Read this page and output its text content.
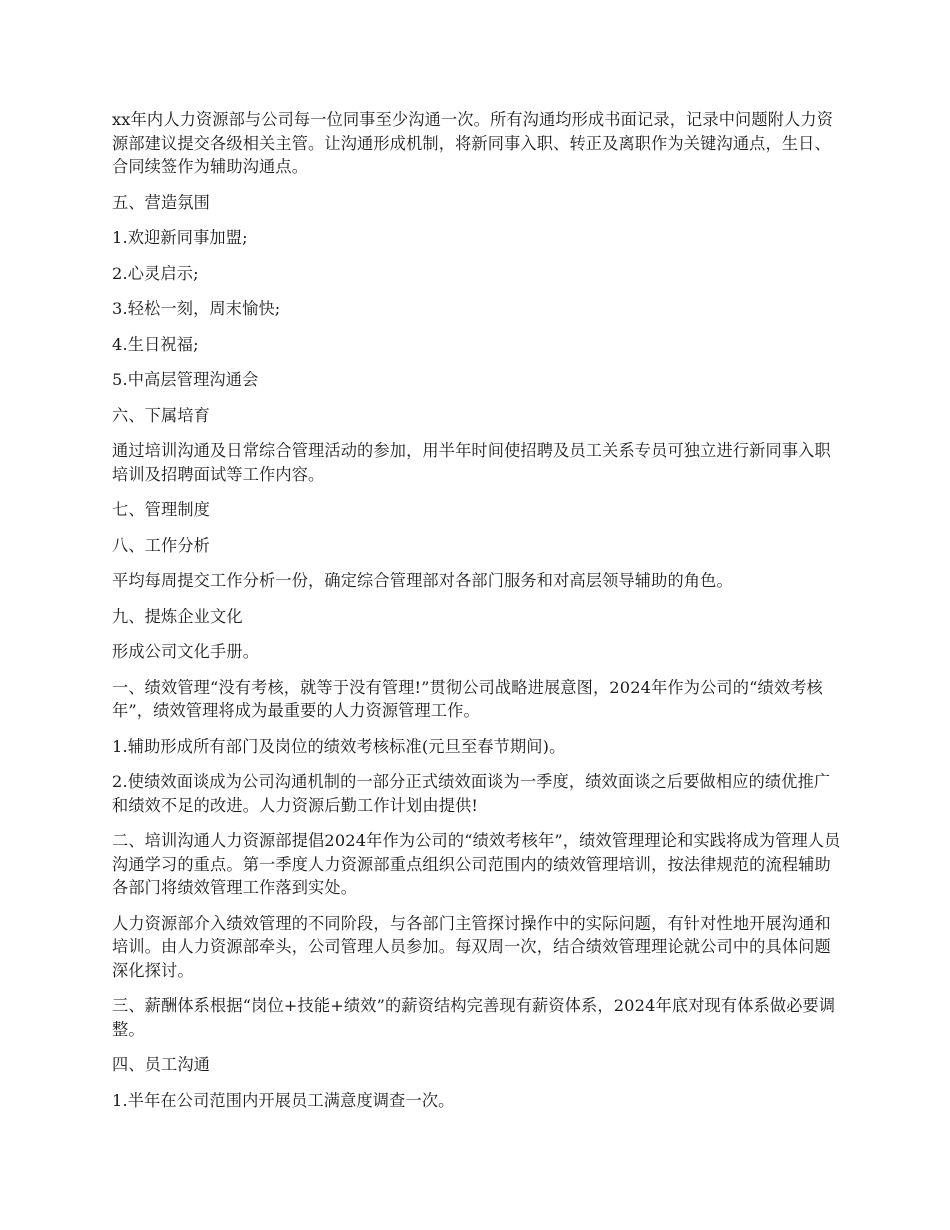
xx年内人力资源部与公司每一位同事至少沟通一次。所有沟通均形成书面记录，记录中问题附人力资源部建议提交各级相关主管。让沟通形成机制，将新同事入职、转正及离职作为关键沟通点，生日、合同续签作为辅助沟通点。

五、营造氛围

1.欢迎新同事加盟;

2.心灵启示;

3.轻松一刻，周末愉快;

4.生日祝福;

5.中高层管理沟通会

六、下属培育

通过培训沟通及日常综合管理活动的参加，用半年时间使招聘及员工关系专员可独立进行新同事入职培训及招聘面试等工作内容。

七、管理制度

八、工作分析

平均每周提交工作分析一份，确定综合管理部对各部门服务和对高层领导辅助的角色。

九、提炼企业文化

形成公司文化手册。

一、绩效管理“没有考核，就等于没有管理!”贯彻公司战略进展意图，2024年作为公司的“绩效考核年”，绩效管理将成为最重要的人力资源管理工作。

1.辅助形成所有部门及岗位的绩效考核标准(元旦至春节期间)。

2.使绩效面谈成为公司沟通机制的一部分正式绩效面谈为一季度，绩效面谈之后要做相应的绩优推广和绩效不足的改进。人力资源后勤工作计划由提供!

二、培训沟通人力资源部提倡2024年作为公司的“绩效考核年”，绩效管理理论和实践将成为管理人员沟通学习的重点。第一季度人力资源部重点组织公司范围内的绩效管理培训，按法律规范的流程辅助各部门将绩效管理工作落到实处。

人力资源部介入绩效管理的不同阶段，与各部门主管探讨操作中的实际问题，有针对性地开展沟通和培训。由人力资源部牵头，公司管理人员参加。每双周一次，结合绩效管理理论就公司中的具体问题深化探讨。

三、薪酬体系根据“岗位+技能+绩效”的薪资结构完善现有薪资体系，2024年底对现有体系做必要调整。

四、员工沟通

1.半年在公司范围内开展员工满意度调查一次。
